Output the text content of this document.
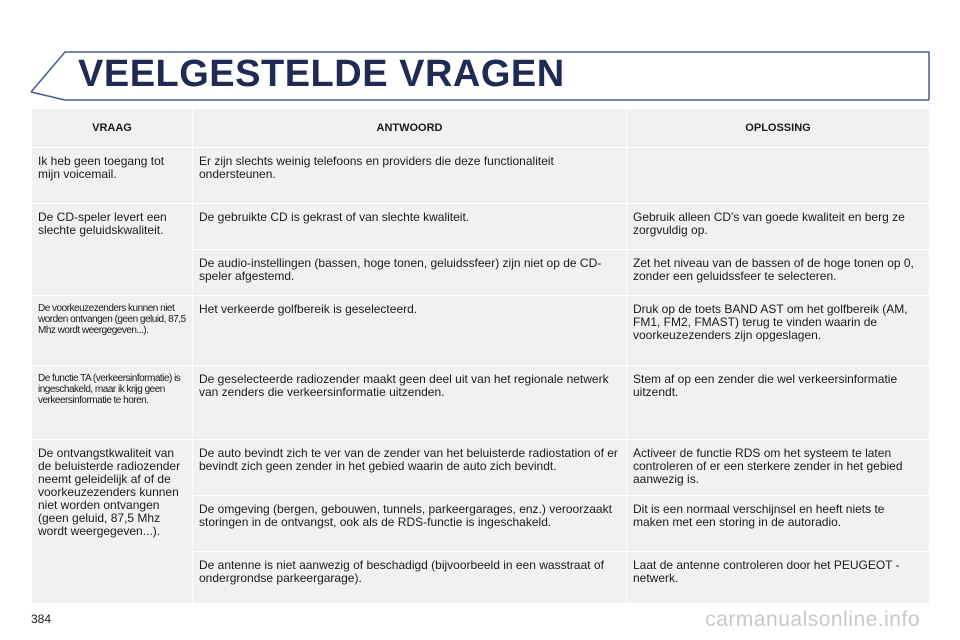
VEELGESTELDE VRAGEN
VRAAG	ANTWOORD	OPLOSSING
Ik heb geen toegang tot mijn voicemail.	Er zijn slechts weinig telefoons en providers die deze functionaliteit ondersteunen.	
De CD-speler levert een slechte geluidskwaliteit.	De gebruikte CD is gekrast of van slechte kwaliteit.	Gebruik alleen CD's van goede kwaliteit en berg ze zorgvuldig op.
	De audio-instellingen (bassen, hoge tonen, geluidssfeer) zijn niet op de CD-speler afgestemd.	Zet het niveau van de bassen of de hoge tonen op 0, zonder een geluidssfeer te selecteren.
De voorkeuzezenders kunnen niet worden ontvangen (geen geluid, 87,5 Mhz wordt weergegeven...).	Het verkeerde golfbereik is geselecteerd.	Druk op de toets BAND AST om het golfbereik (AM, FM1, FM2, FMAST) terug te vinden waarin de voorkeuzezenders zijn opgeslagen.
De functie TA (verkeersinformatie) is ingeschakeld, maar ik krijg geen verkeersinformatie te horen.	De geselecteerde radiozender maakt geen deel uit van het regionale netwerk van zenders die verkeersinformatie uitzenden.	Stem af op een zender die wel verkeersinformatie uitzendt.
De ontvangstkwaliteit van de beluisterde radiozender neemt geleidelijk af of de voorkeuzezenders kunnen niet worden ontvangen (geen geluid, 87,5 Mhz wordt weergegeven...).	De auto bevindt zich te ver van de zender van het beluisterde radiostation of er bevindt zich geen zender in het gebied waarin de auto zich bevindt.	Activeer de functie RDS om het systeem te laten controleren of er een sterkere zender in het gebied aanwezig is.
	De omgeving (bergen, gebouwen, tunnels, parkeergarages, enz.) veroorzaakt storingen in de ontvangst, ook als de RDS-functie is ingeschakeld.	Dit is een normaal verschijnsel en heeft niets te maken met een storing in de autoradio.
	De antenne is niet aanwezig of beschadigd (bijvoorbeeld in een wasstraat of ondergrondse parkeergarage).	Laat de antenne controleren door het PEUGEOT -netwerk.
384	carmanualsonline.info
